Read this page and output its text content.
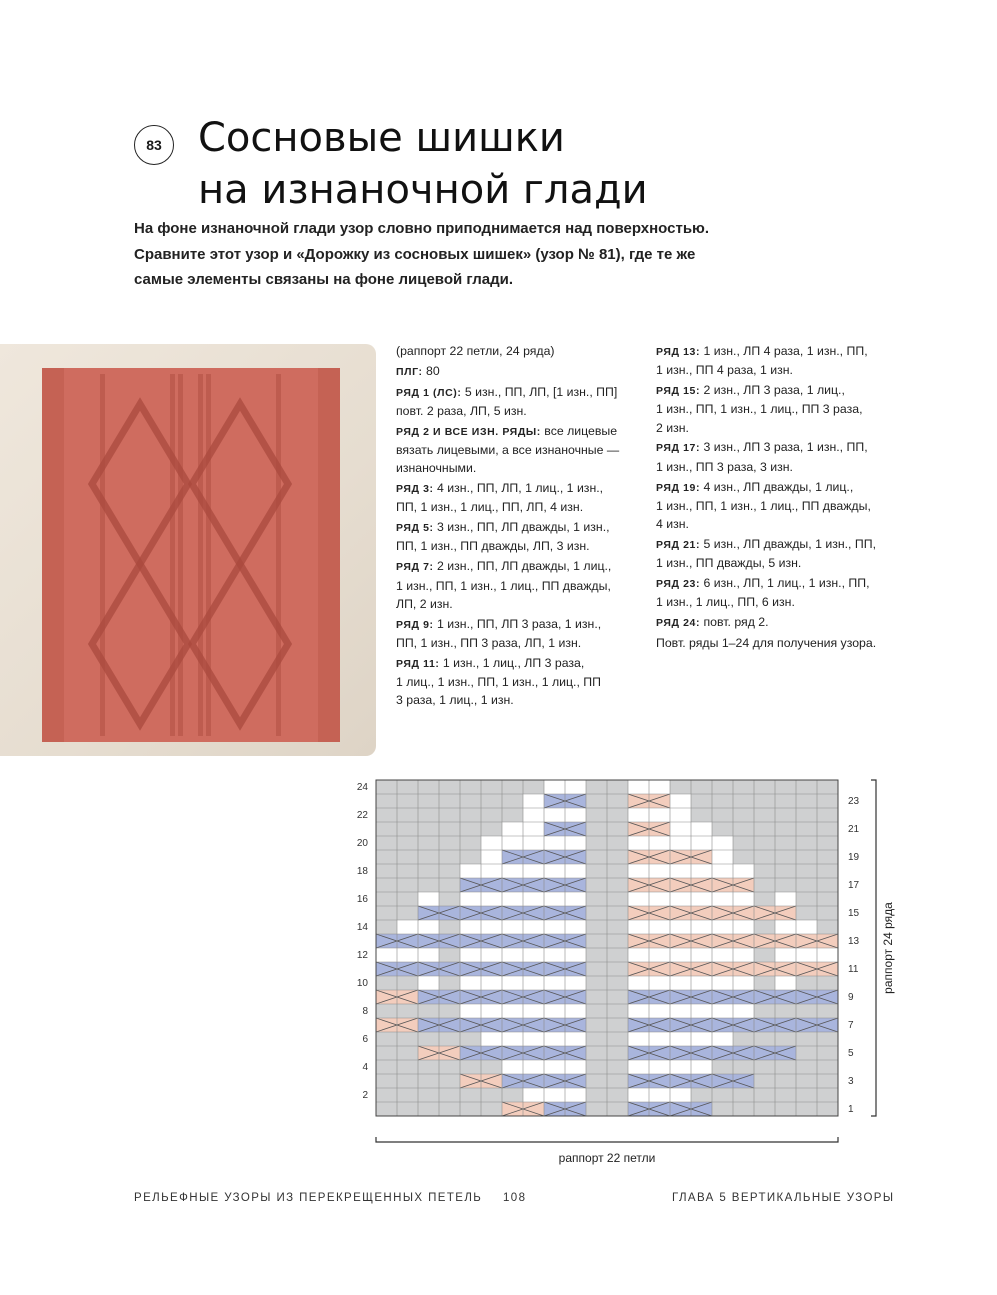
83 Сосновые шишки
на изнаночной глади
На фоне изнаночной глади узор словно приподнимается над поверхностью.
Сравните этот узор и «Дорожку из сосновых шишек» (узор № 81), где те же
самые элементы связаны на фоне лицевой глади.

(раппорт 22 петли, 24 ряда)

ПЛГ: 80

РЯД 1 (ЛС): 5 изн., ПП, ЛП, [1 изн., ПП]
повт. 2 раза, ЛП, 5 изн.

РЯД 2 И ВСЕ ИЗН. РЯДЫ: все лицевые
вязать лицевыми, а все изнаночные —
изнаночными.

РЯД 3: 4 изн., ПП, ЛП, 1 лиц., 1 изн.,
ПП, 1 изн., 1 лиц., ПП, ЛП, 4 изн.

РЯД 5: 3 изн., ПП, ЛП дважды, 1 изн.,
ПП, 1 изн., ПП дважды, ЛП, 3 изн.

РЯД 7: 2 изн., ПП, ЛП дважды, 1 лиц.,
1 изн., ПП, 1 изн., 1 лиц., ПП дважды,
ЛП, 2 изн.

РЯД 9: 1 изн., ПП, ЛП 3 раза, 1 изн.,
ПП, 1 изн., ПП 3 раза, ЛП, 1 изн.

РЯД 11: 1 изн., 1 лиц., ЛП 3 раза,
1 лиц., 1 изн., ПП, 1 изн., 1 лиц., ПП
3 раза, 1 лиц., 1 изн.

РЯД 13: 1 изн., ЛП 4 раза, 1 изн., ПП,
1 изн., ПП 4 раза, 1 изн.

РЯД 15: 2 изн., ЛП 3 раза, 1 лиц.,
1 изн., ПП, 1 изн., 1 лиц., ПП 3 раза,
2 изн.

РЯД 17: 3 изн., ЛП 3 раза, 1 изн., ПП,
1 изн., ПП 3 раза, 3 изн.

РЯД 19: 4 изн., ЛП дважды, 1 лиц.,
1 изн., ПП, 1 изн., 1 лиц., ПП дважды,
4 изн.

РЯД 21: 5 изн., ЛП дважды, 1 изн., ПП,
1 изн., ПП дважды, 5 изн.

РЯД 23: 6 изн., ЛП, 1 лиц., 1 изн., ПП,
1 изн., 1 лиц., ПП, 6 изн.

РЯД 24: повт. ряд 2.

Повт. ряды 1–24 для получения узора.

24
22
20
18
16
14
12
10
8
6
4
2
23
21
19
17
15
13
11
9
7
5
3
1
раппорт 24 ряда
раппорт 22 петли
РЕЛЬЕФНЫЕ УЗОРЫ ИЗ ПЕРЕКРЕЩЕННЫХ ПЕТЕЛЬ 108	ГЛАВА 5 ВЕРТИКАЛЬНЫЕ УЗОРЫ
